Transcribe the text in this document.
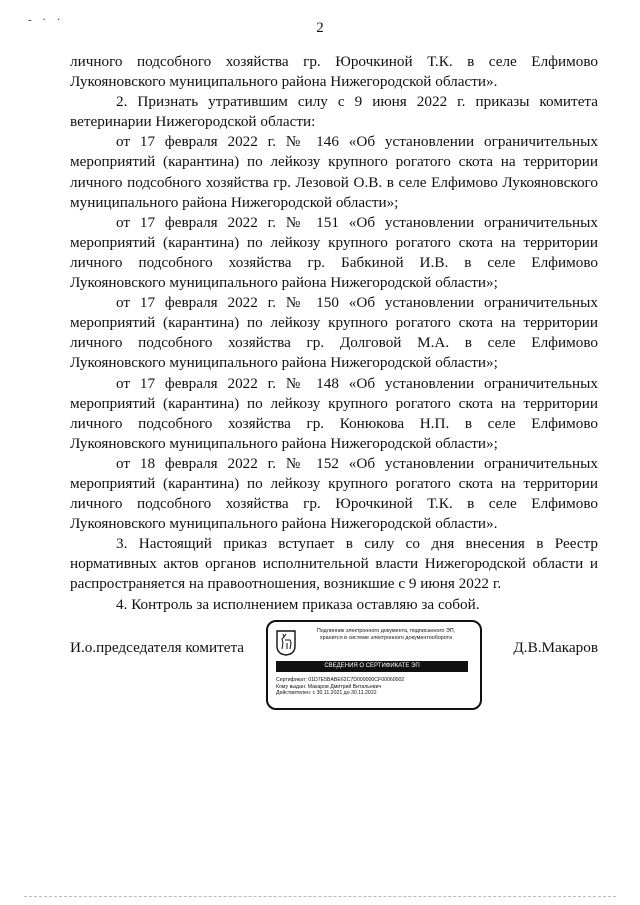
- · ·	2

личного подсобного хозяйства гр. Юрочкиной Т.К. в селе Елфимово Лукояновского муниципального района Нижегородской области».

2. Признать утратившим силу с 9 июня 2022 г. приказы комитета ветеринарии Нижегородской области:

от 17 февраля 2022 г. № 146 «Об установлении ограничительных мероприятий (карантина) по лейкозу крупного рогатого скота на территории личного подсобного хозяйства гр. Лезовой О.В. в селе Елфимово Лукояновского муниципального района Нижегородской области»;

от 17 февраля 2022 г. № 151 «Об установлении ограничительных мероприятий (карантина) по лейкозу крупного рогатого скота на территории личного подсобного хозяйства гр. Бабкиной И.В. в селе Елфимово Лукояновского муниципального района Нижегородской области»;

от 17 февраля 2022 г. № 150 «Об установлении ограничительных мероприятий (карантина) по лейкозу крупного рогатого скота на территории личного подсобного хозяйства гр. Долговой М.А. в селе Елфимово Лукояновского муниципального района Нижегородской области»;

от 17 февраля 2022 г. № 148 «Об установлении ограничительных мероприятий (карантина) по лейкозу крупного рогатого скота на территории личного подсобного хозяйства гр. Конюкова Н.П. в селе Елфимово Лукояновского муниципального района Нижегородской области»;

от 18 февраля 2022 г. № 152 «Об установлении ограничительных мероприятий (карантина) по лейкозу крупного рогатого скота на территории личного подсобного хозяйства гр. Юрочкиной Т.К. в селе Елфимово Лукояновского муниципального района Нижегородской области».

3. Настоящий приказ вступает в силу со дня внесения в Реестр нормативных актов органов исполнительной власти Нижегородской области и распространяется на правоотношения, возникшие с 9 июня 2022 г.

4. Контроль за исполнением приказа оставляю за собой.

И.о.председателя комитета
Подлинник электронного документа, подписанного ЭП,
хранится в системе электронного документооборота
СВЕДЕНИЯ О СЕРТИФИКАТЕ ЭП
Сертификат: 01D7E5BABE62C7D000000CF00060002
Кому выдан: Макаров Дмитрий Витальевич
Действителен: с 30.11.2021 до 30.11.2022
Д.В.Макаров
